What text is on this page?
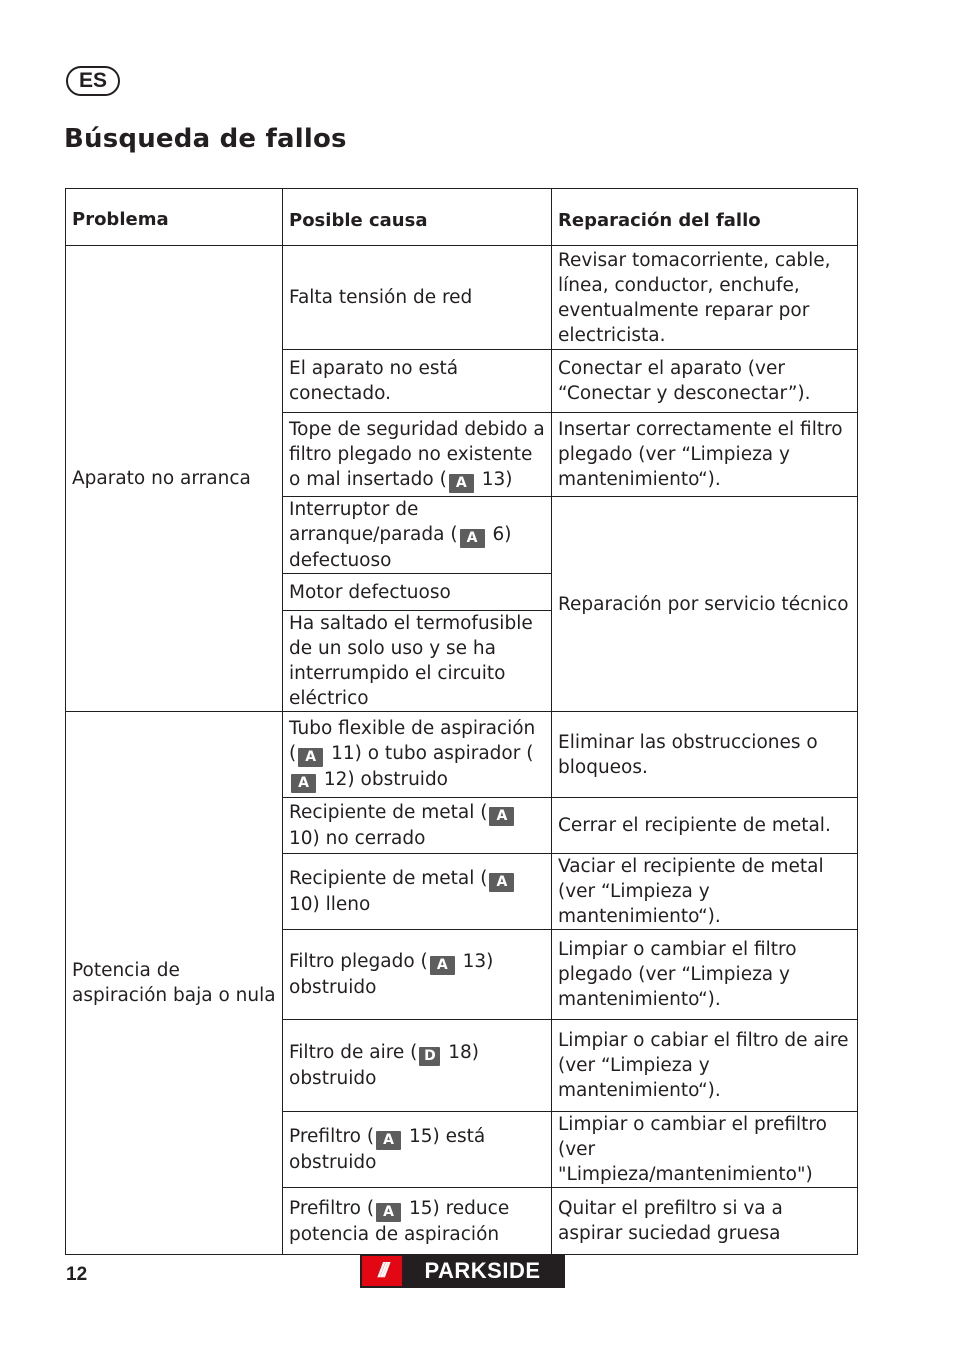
ES
Búsqueda de fallos
Problema	Posible causa	Reparación del fallo
Aparato no arranca	Falta tensión de red	Revisar tomacorriente, cable, línea, conductor, enchufe, eventualmente reparar por electricista.
	El aparato no está conectado.	Conectar el aparato (ver “Conectar y desconectar”).
	Tope de seguridad debido a filtro plegado no existente o mal insertado ( A 13)	Insertar correctamente el filtro plegado (ver “Limpieza y mantenimiento“).
	Interruptor de arranque/parada ( A 6) defectuoso	Reparación por servicio técnico
	Motor defectuoso	
	Ha saltado el termofusible de un solo uso y se ha interrumpido el circuito eléctrico	
Potencia de aspiración baja o nula	Tubo flexible de aspiración ( A 11) o tubo aspirador (A 12) obstruido	Eliminar las obstrucciones o bloqueos.
	Recipiente de metal ( A 10) no cerrado	Cerrar el recipiente de metal.
	Recipiente de metal ( A 10) lleno	Vaciar el recipiente de metal (ver “Limpieza y mantenimiento“).
	Filtro plegado ( A 13) obstruido	Limpiar o cambiar el filtro plegado (ver “Limpieza y mantenimiento“).
	Filtro de aire ( D 18) obstruido	Limpiar o cabiar el filtro de aire (ver “Limpieza y mantenimiento“).
	Prefiltro ( A 15) está obstruido	Limpiar o cambiar el prefiltro (ver "Limpieza/mantenimiento")
	Prefiltro ( A 15) reduce potencia de aspiración	Quitar el prefiltro si va a aspirar suciedad gruesa
12	///	PARKSIDE
